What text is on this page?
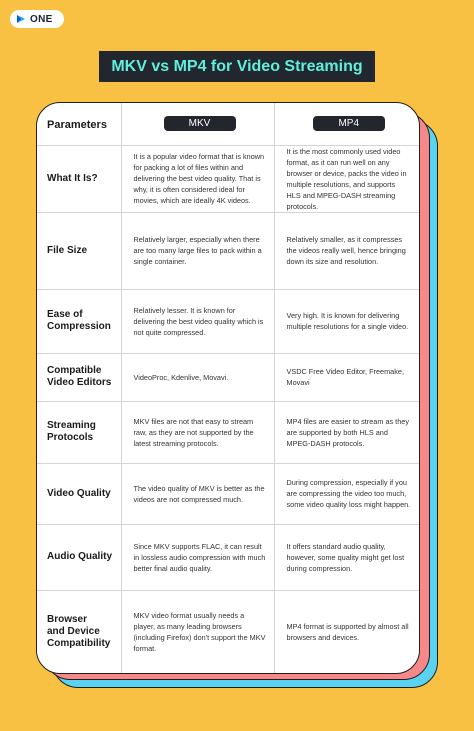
ONE
MKV vs MP4 for Video Streaming
Parameters	MKV	MP4

What It Is?	It is a popular video format that is known for packing a lot of files within and delivering the best video quality. That is why, it is often considered ideal for movies, which are ideally 4K videos.	It is the most commonly used video format, as it can run well on any browser or device, packs the video in multiple resolutions, and supports HLS and MPEG-DASH streaming protocols.

File Size	Relatively larger, especially when there are too many large files to pack within a single container.	Relatively smaller, as it compresses the videos really well, hence bringing down its size and resolution.

Ease of
Compression	Relatively lesser. It is known for delivering the best video quality which is not quite compressed.	Very high. It is known for delivering multiple resolutions for a single video.

Compatible
Video Editors	VideoProc, Kdenlive, Movavi.	VSDC Free Video Editor, Freemake, Movavi

Streaming
Protocols	MKV files are not that easy to stream raw, as they are not supported by the latest streaming protocols.	MP4 files are easier to stream as they are supported by both HLS and MPEG-DASH protocols.

Video Quality	The video quality of MKV is better as the videos are not compressed much.	During compression, especially if you are compressing the video too much, some video quality loss might happen.

Audio Quality	Since MKV supports FLAC, it can result in lossless audio compression with much better final audio quality.	It offers standard audio quality, however, some quality might get lost during compression.

Browser
and Device
Compatibility	MKV video format usually needs a player, as many leading browsers (including Firefox) don't support the MKV format.	MP4 format is supported by almost all browsers and devices.
